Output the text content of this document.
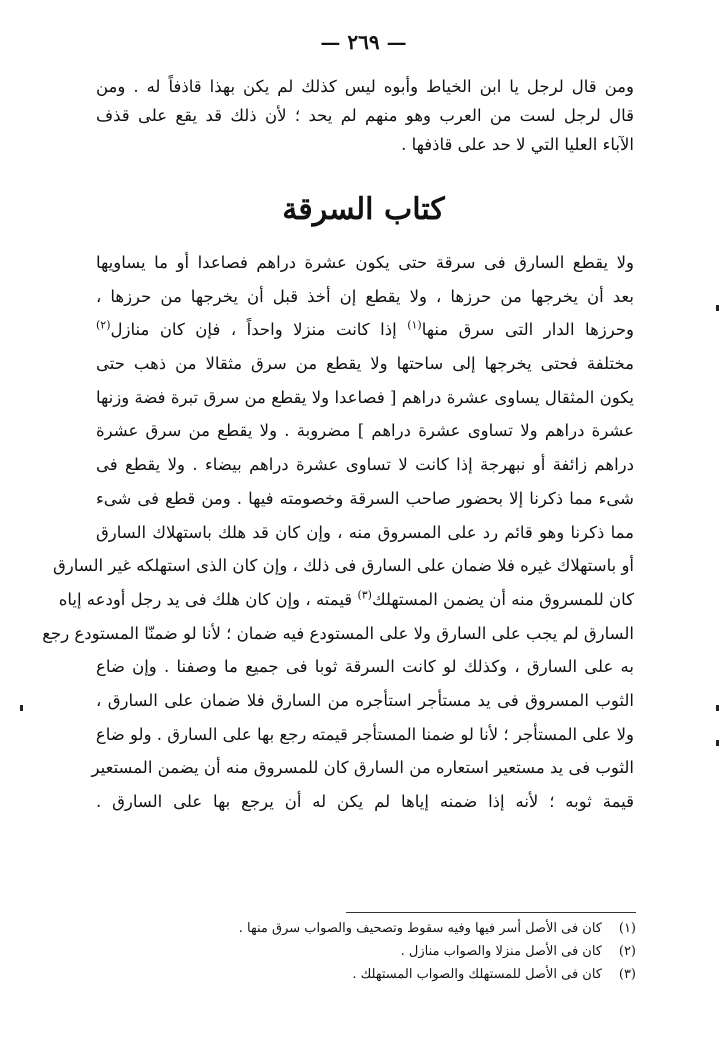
— ٢٦٩ —
ومن قال لرجل يا ابن الخياط وأبوه ليس كذلك لم يكن بهذا قاذفاً له . ومن
قال لرجل لست من العرب وهو منهم لم يحد ؛ لأن ذلك قد يقع على قذف
الآباء العليا التي لا حد على قاذفها .
كتاب السرقة
ولا يقطع السارق فى سرقة حتى يكون عشرة دراهم فصاعدا أو ما يساويها
بعد أن يخرجها من حرزها ، ولا يقطع إن أخذ قبل أن يخرجها من حرزها ،
وحرزها الدار التى سرق منها$^{(١)}$ إذا كانت منزلا واحداً ، فإن كان منازل$^{(٢)}$
مختلفة فحتى يخرجها إلى ساحتها ولا يقطع من سرق مثقالا من ذهب حتى
يكون المثقال يساوى عشرة دراهم [ فصاعدا ولا يقطع من سرق تبرة فضة وزنها
عشرة دراهم ولا تساوى عشرة دراهم ] مضروبة . ولا يقطع من سرق عشرة
دراهم زائفة أو نبهرجة إذا كانت لا تساوى عشرة دراهم بيضاء . ولا يقطع فى
شىء مما ذكرنا إلا بحضور صاحب السرقة وخصومته فيها . ومن قطع فى شىء
مما ذكرنا وهو قائم رد على المسروق منه ، وإن كان قد هلك باستهلاك السارق
أو باستهلاك غيره فلا ضمان على السارق فى ذلك ، وإن كان الذى استهلكه غير السارق
كان للمسروق منه أن يضمن المستهلك$^{(٣)}$ قيمته ، وإن كان هلك فى يد رجل أودعه إياه
السارق لم يجب على السارق ولا على المستودع فيه ضمان ؛ لأنا لو ضمنّا المستودع رجع
به على السارق ، وكذلك لو كانت السرقة ثوبا فى جميع ما وصفنا . وإن ضاع
الثوب المسروق فى يد مستأجر استأجره من السارق فلا ضمان على السارق ،
ولا على المستأجر ؛ لأنا لو ضمنا المستأجر قيمته رجع بها على السارق . ولو ضاع
الثوب فى يد مستعير استعاره من السارق كان للمسروق منه أن يضمن المستعير
قيمة ثوبه ؛ لأنه إذا ضمنه إياها لم يكن له أن يرجع بها على السارق .
(١)كان فى الأصل أسر فيها وفيه سقوط وتصحيف والصواب سرق منها .
(٢)كان فى الأصل منزلا والصواب منازل .
(٣)كان فى الأصل للمستهلك والصواب المستهلك .
